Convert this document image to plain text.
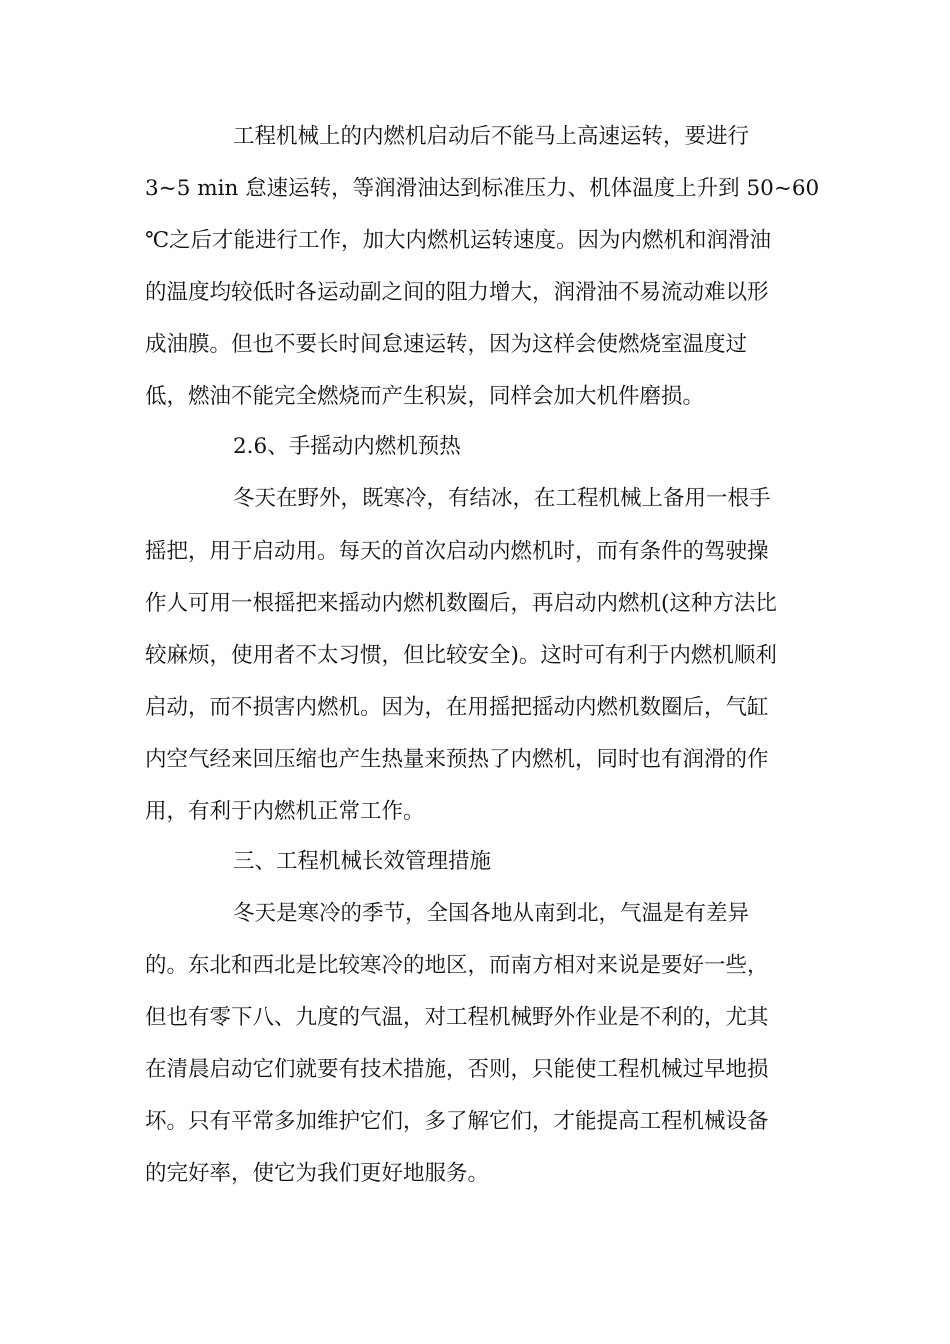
工程机械上的内燃机启动后不能马上高速运转，要进行
3~5 min 怠速运转，等润滑油达到标准压力、机体温度上升到 50~60
℃之后才能进行工作，加大内燃机运转速度。因为内燃机和润滑油
的温度均较低时各运动副之间的阻力增大，润滑油不易流动难以形
成油膜。但也不要长时间怠速运转，因为这样会使燃烧室温度过
低，燃油不能完全燃烧而产生积炭，同样会加大机件磨损。
2.6、手摇动内燃机预热
冬天在野外，既寒冷，有结冰，在工程机械上备用一根手
摇把，用于启动用。每天的首次启动内燃机时，而有条件的驾驶操
作人可用一根摇把来摇动内燃机数圈后，再启动内燃机(这种方法比
较麻烦，使用者不太习惯，但比较安全)。这时可有利于内燃机顺利
启动，而不损害内燃机。因为，在用摇把摇动内燃机数圈后，气缸
内空气经来回压缩也产生热量来预热了内燃机，同时也有润滑的作
用，有利于内燃机正常工作。
三、工程机械长效管理措施
冬天是寒冷的季节，全国各地从南到北，气温是有差异
的。东北和西北是比较寒冷的地区，而南方相对来说是要好一些，
但也有零下八、九度的气温，对工程机械野外作业是不利的，尤其
在清晨启动它们就要有技术措施，否则，只能使工程机械过早地损
坏。只有平常多加维护它们，多了解它们，才能提高工程机械设备
的完好率，使它为我们更好地服务。
